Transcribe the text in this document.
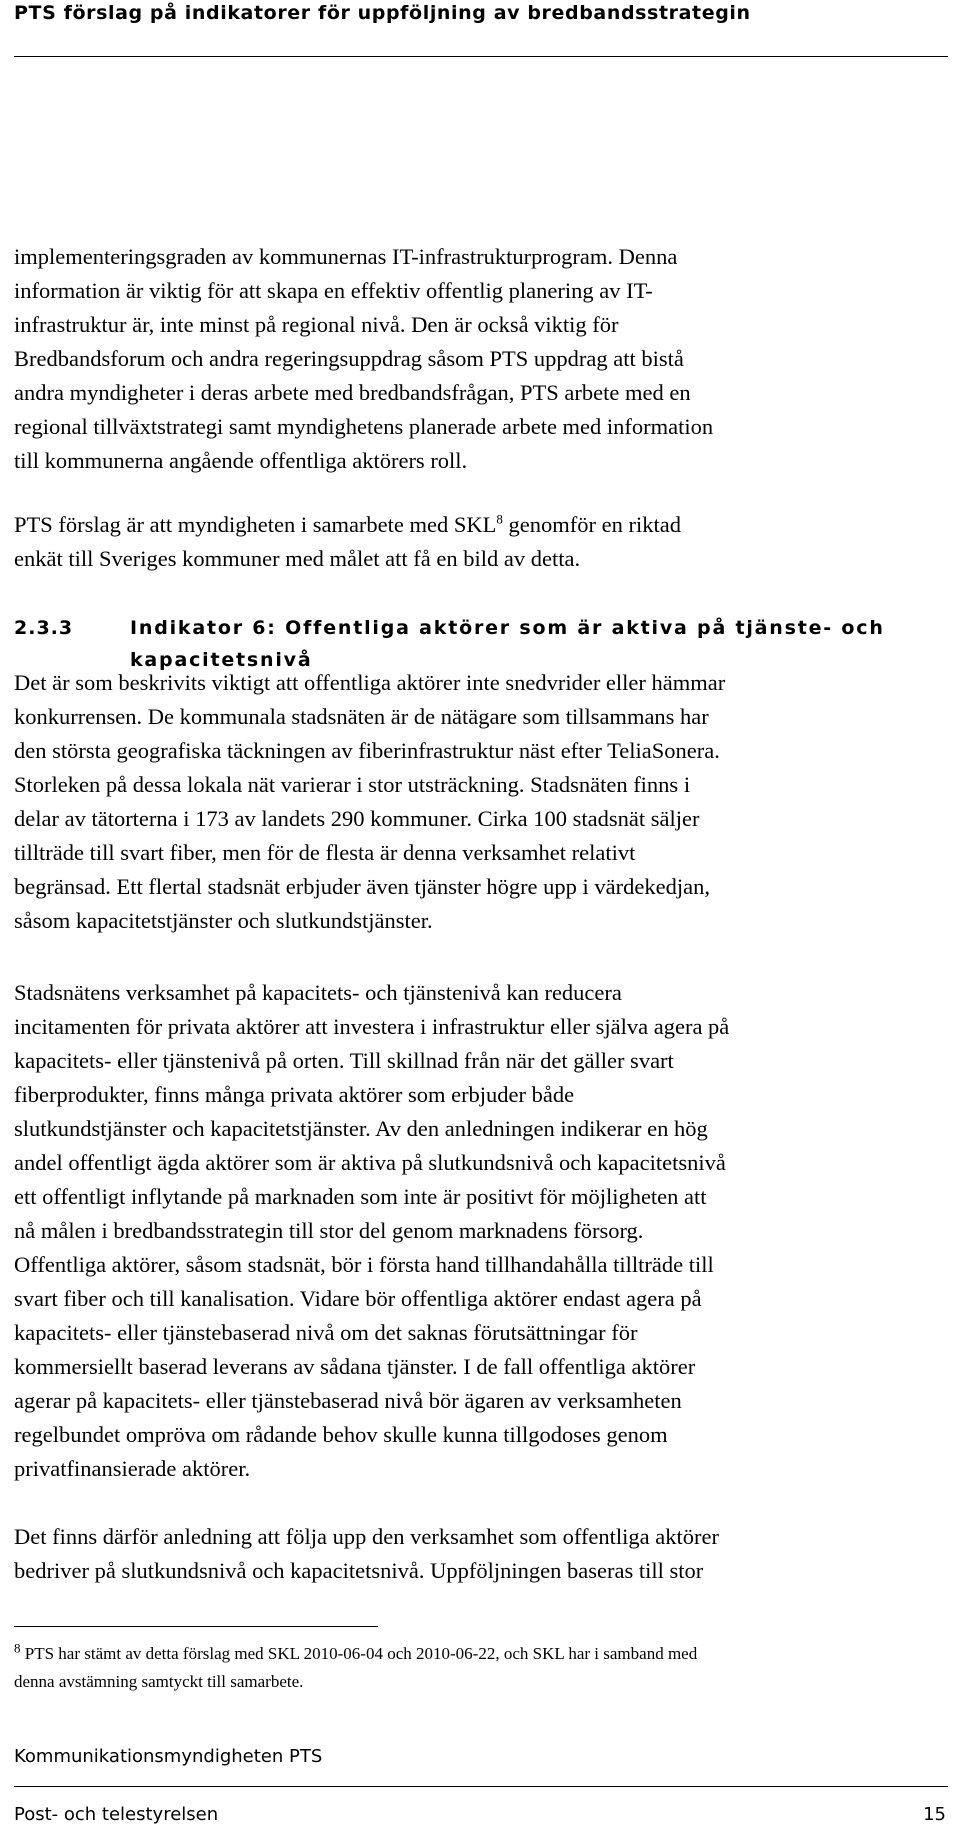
PTS förslag på indikatorer för uppföljning av bredbandsstrategin
implementeringsgraden av kommunernas IT-infrastrukturprogram. Denna
information är viktig för att skapa en effektiv offentlig planering av IT-
infrastruktur är, inte minst på regional nivå. Den är också viktig för
Bredbandsforum och andra regeringsuppdrag såsom PTS uppdrag att bistå
andra myndigheter i deras arbete med bredbandsfrågan, PTS arbete med en
regional tillväxtstrategi samt myndighetens planerade arbete med information
till kommunerna angående offentliga aktörers roll.
PTS förslag är att myndigheten i samarbete med SKL$^8$ genomför en riktad
enkät till Sveriges kommuner med målet att få en bild av detta.
2.3.3	Indikator 6: Offentliga aktörer som är aktiva på tjänste- och
kapacitetsnivå
Det är som beskrivits viktigt att offentliga aktörer inte snedvrider eller hämmar
konkurrensen. De kommunala stadsnäten är de nätägare som tillsammans har
den största geografiska täckningen av fiberinfrastruktur näst efter TeliaSonera.
Storleken på dessa lokala nät varierar i stor utsträckning. Stadsnäten finns i
delar av tätorterna i 173 av landets 290 kommuner. Cirka 100 stadsnät säljer
tillträde till svart fiber, men för de flesta är denna verksamhet relativt
begränsad. Ett flertal stadsnät erbjuder även tjänster högre upp i värdekedjan,
såsom kapacitetstjänster och slutkundstjänster.
Stadsnätens verksamhet på kapacitets- och tjänstenivå kan reducera
incitamenten för privata aktörer att investera i infrastruktur eller själva agera på
kapacitets- eller tjänstenivå på orten. Till skillnad från när det gäller svart
fiberprodukter, finns många privata aktörer som erbjuder både
slutkundstjänster och kapacitetstjänster. Av den anledningen indikerar en hög
andel offentligt ägda aktörer som är aktiva på slutkundsnivå och kapacitetsnivå
ett offentligt inflytande på marknaden som inte är positivt för möjligheten att
nå målen i bredbandsstrategin till stor del genom marknadens försorg.
Offentliga aktörer, såsom stadsnät, bör i första hand tillhandahålla tillträde till
svart fiber och till kanalisation. Vidare bör offentliga aktörer endast agera på
kapacitets- eller tjänstebaserad nivå om det saknas förutsättningar för
kommersiellt baserad leverans av sådana tjänster. I de fall offentliga aktörer
agerar på kapacitets- eller tjänstebaserad nivå bör ägaren av verksamheten
regelbundet ompröva om rådande behov skulle kunna tillgodoses genom
privatfinansierade aktörer.
Det finns därför anledning att följa upp den verksamhet som offentliga aktörer
bedriver på slutkundsnivå och kapacitetsnivå. Uppföljningen baseras till stor
$^8$ PTS har stämt av detta förslag med SKL 2010-06-04 och 2010-06-22, och SKL har i samband med
denna avstämning samtyckt till samarbete.
Kommunikationsmyndigheten PTS
Post- och telestyrelsen	15
